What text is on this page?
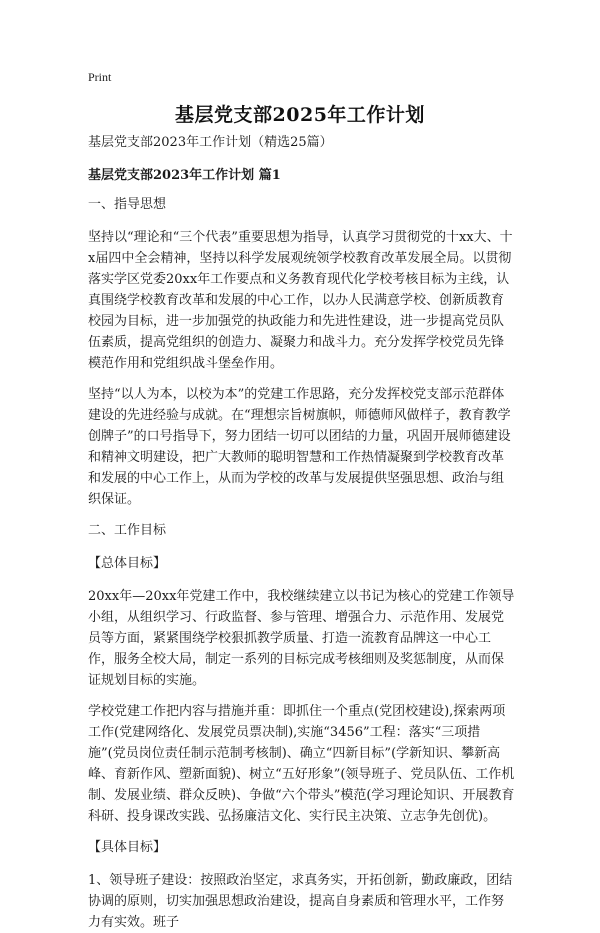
Print
基层党支部2025年工作计划

基层党支部2023年工作计划（精选25篇）

基层党支部2023年工作计划 篇1

一、指导思想

坚持以“理论和“三个代表”重要思想为指导，认真学习贯彻党的十xx大、十x届四中全会精神，坚持以科学发展观统领学校教育改革发展全局。以贯彻落实学区党委20xx年工作要点和义务教育现代化学校考核目标为主线，认真围绕学校教育改革和发展的中心工作，以办人民满意学校、创新质教育校园为目标，进一步加强党的执政能力和先进性建设，进一步提高党员队伍素质，提高党组织的创造力、凝聚力和战斗力。充分发挥学校党员先锋模范作用和党组织战斗堡垒作用。

坚持“以人为本，以校为本”的党建工作思路，充分发挥校党支部示范群体建设的先进经验与成就。在“理想宗旨树旗帜，师德师风做样子，教育教学创牌子”的口号指导下，努力团结一切可以团结的力量，巩固开展师德建设和精神文明建设，把广大教师的聪明智慧和工作热情凝聚到学校教育改革和发展的中心工作上，从而为学校的改革与发展提供坚强思想、政治与组织保证。

二、工作目标

【总体目标】

20xx年—20xx年党建工作中，我校继续建立以书记为核心的党建工作领导小组，从组织学习、行政监督、参与管理、增强合力、示范作用、发展党员等方面，紧紧围绕学校狠抓教学质量、打造一流教育品牌这一中心工作，服务全校大局，制定一系列的目标完成考核细则及奖惩制度，从而保证规划目标的实施。

学校党建工作把内容与措施并重：即抓住一个重点(党团校建设),探索两项工作(党建网络化、发展党员票决制),实施“3456”工程：落实“三项措施”(党员岗位责任制示范制考核制)、确立“四新目标”(学新知识、攀新高峰、育新作风、塑新面貌)、树立“五好形象”(领导班子、党员队伍、工作机制、发展业绩、群众反映)、争做“六个带头”模范(学习理论知识、开展教育科研、投身课改实践、弘扬廉洁文化、实行民主决策、立志争先创优)。

【具体目标】

1、领导班子建设：按照政治坚定，求真务实，开拓创新，勤政廉政，团结协调的原则，切实加强思想政治建设，提高自身素质和管理水平，工作努力有实效。班子
